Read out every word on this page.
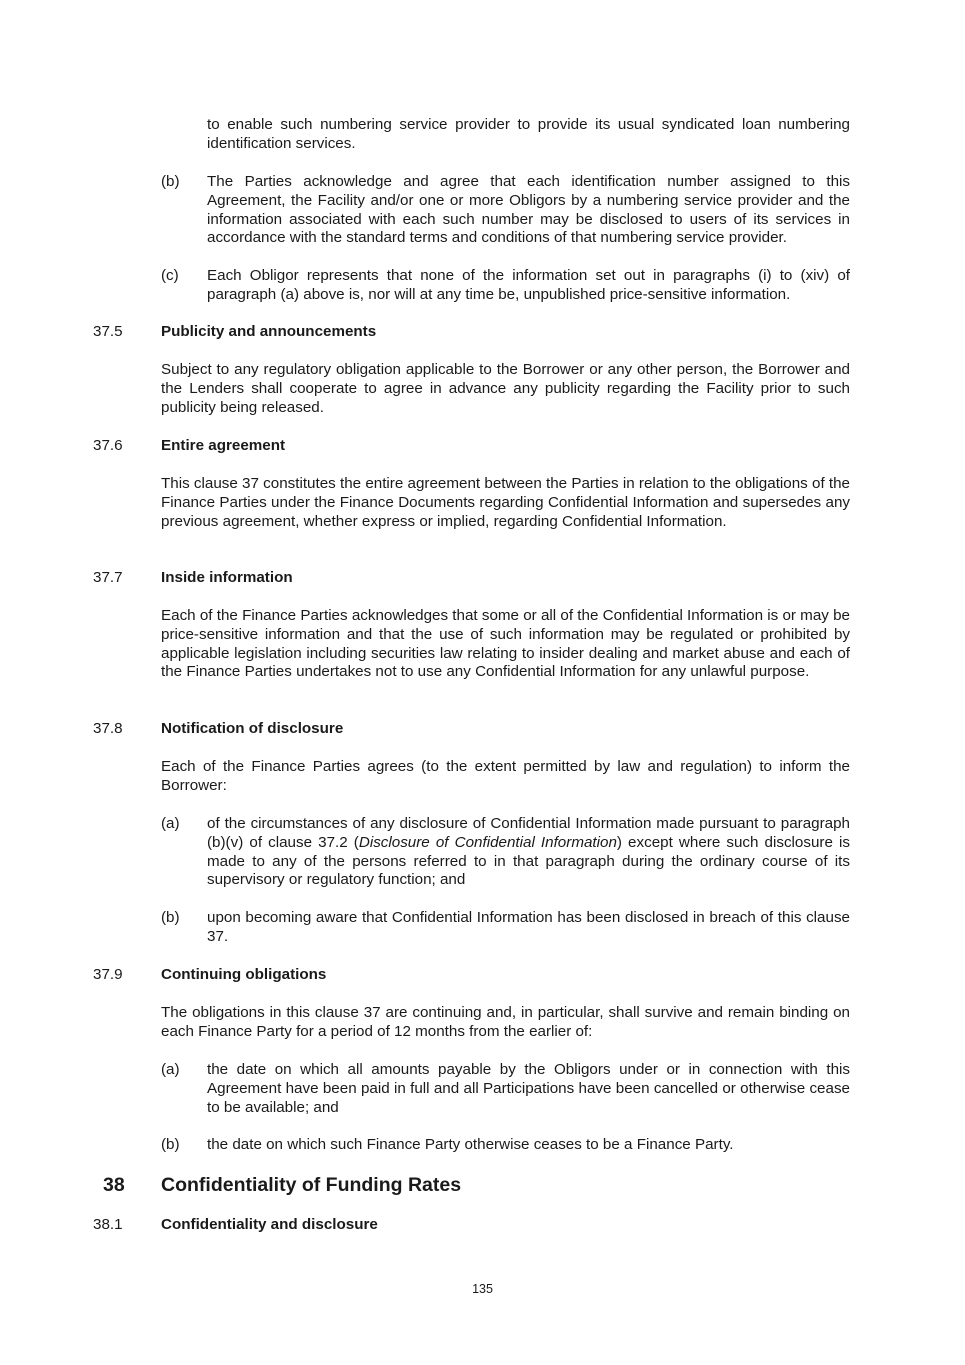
to enable such numbering service provider to provide its usual syndicated loan numbering identification services.

(b) The Parties acknowledge and agree that each identification number assigned to this Agreement, the Facility and/or one or more Obligors by a numbering service provider and the information associated with each such number may be disclosed to users of its services in accordance with the standard terms and conditions of that numbering service provider.

(c) Each Obligor represents that none of the information set out in paragraphs (i) to (xiv) of paragraph (a) above is, nor will at any time be, unpublished price-sensitive information.

37.5	Publicity and announcements

Subject to any regulatory obligation applicable to the Borrower or any other person, the Borrower and the Lenders shall cooperate to agree in advance any publicity regarding the Facility prior to such publicity being released.

37.6	Entire agreement

This clause 37 constitutes the entire agreement between the Parties in relation to the obligations of the Finance Parties under the Finance Documents regarding Confidential Information and supersedes any previous agreement, whether express or implied, regarding Confidential Information.

37.7	Inside information

Each of the Finance Parties acknowledges that some or all of the Confidential Information is or may be price-sensitive information and that the use of such information may be regulated or prohibited by applicable legislation including securities law relating to insider dealing and market abuse and each of the Finance Parties undertakes not to use any Confidential Information for any unlawful purpose.

37.8	Notification of disclosure

Each of the Finance Parties agrees (to the extent permitted by law and regulation) to inform the Borrower:

(a) of the circumstances of any disclosure of Confidential Information made pursuant to paragraph (b)(v) of clause 37.2 (Disclosure of Confidential Information) except where such disclosure is made to any of the persons referred to in that paragraph during the ordinary course of its supervisory or regulatory function; and

(b) upon becoming aware that Confidential Information has been disclosed in breach of this clause 37.

37.9	Continuing obligations

The obligations in this clause 37 are continuing and, in particular, shall survive and remain binding on each Finance Party for a period of 12 months from the earlier of:

(a) the date on which all amounts payable by the Obligors under or in connection with this Agreement have been paid in full and all Participations have been cancelled or otherwise cease to be available; and

(b) the date on which such Finance Party otherwise ceases to be a Finance Party.

38 Confidentiality of Funding Rates
38.1	Confidentiality and disclosure
135
